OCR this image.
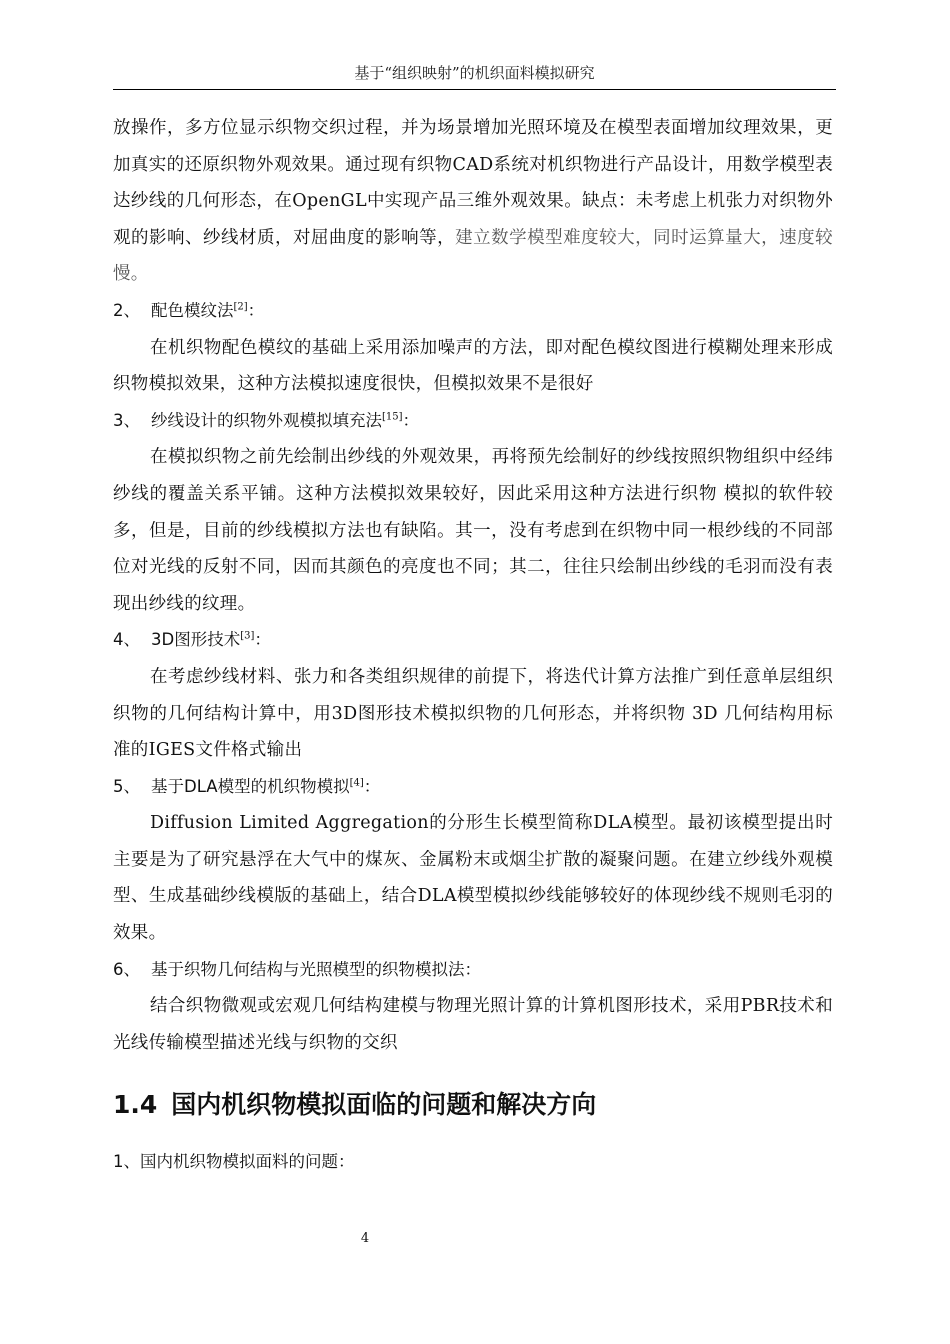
基于“组织映射”的机织面料模拟研究

放操作，多方位显示织物交织过程，并为场景增加光照环境及在模型表面增加纹理效果，更加真实的还原织物外观效果。通过现有织物CAD系统对机织物进行产品设计，用数学模型表达纱线的几何形态，在OpenGL中实现产品三维外观效果。缺点：未考虑上机张力对织物外观的影响、纱线材质，对屈曲度的影响等，建立数学模型难度较大，同时运算量大，速度较慢。

2、 配色模纹法[2]：

在机织物配色模纹的基础上采用添加噪声的方法，即对配色模纹图进行模糊处理来形成织物模拟效果，这种方法模拟速度很快，但模拟效果不是很好

3、 纱线设计的织物外观模拟填充法[15]：

在模拟织物之前先绘制出纱线的外观效果，再将预先绘制好的纱线按照织物组织中经纬纱线的覆盖关系平铺。这种方法模拟效果较好，因此采用这种方法进行织物 模拟的软件较多，但是，目前的纱线模拟方法也有缺陷。其一，没有考虑到在织物中同一根纱线的不同部位对光线的反射不同，因而其颜色的亮度也不同；其二，往往只绘制出纱线的毛羽而没有表现出纱线的纹理。

4、 3D图形技术[3]：

在考虑纱线材料、张力和各类组织规律的前提下，将迭代计算方法推广到任意单层组织织物的几何结构计算中，用3D图形技术模拟织物的几何形态，并将织物 3D 几何结构用标准的IGES文件格式输出

5、 基于DLA模型的机织物模拟[4]：

Diffusion Limited Aggregation的分形生长模型简称DLA模型。最初该模型提出时主要是为了研究悬浮在大气中的煤灰、金属粉末或烟尘扩散的凝聚问题。在建立纱线外观模型、生成基础纱线模版的基础上，结合DLA模型模拟纱线能够较好的体现纱线不规则毛羽的效果。

6、 基于织物几何结构与光照模型的织物模拟法：

结合织物微观或宏观几何结构建模与物理光照计算的计算机图形技术，采用PBR技术和光线传输模型描述光线与织物的交织

1.4 国内机织物模拟面临的问题和解决方向

1、国内机织物模拟面料的问题：

4
